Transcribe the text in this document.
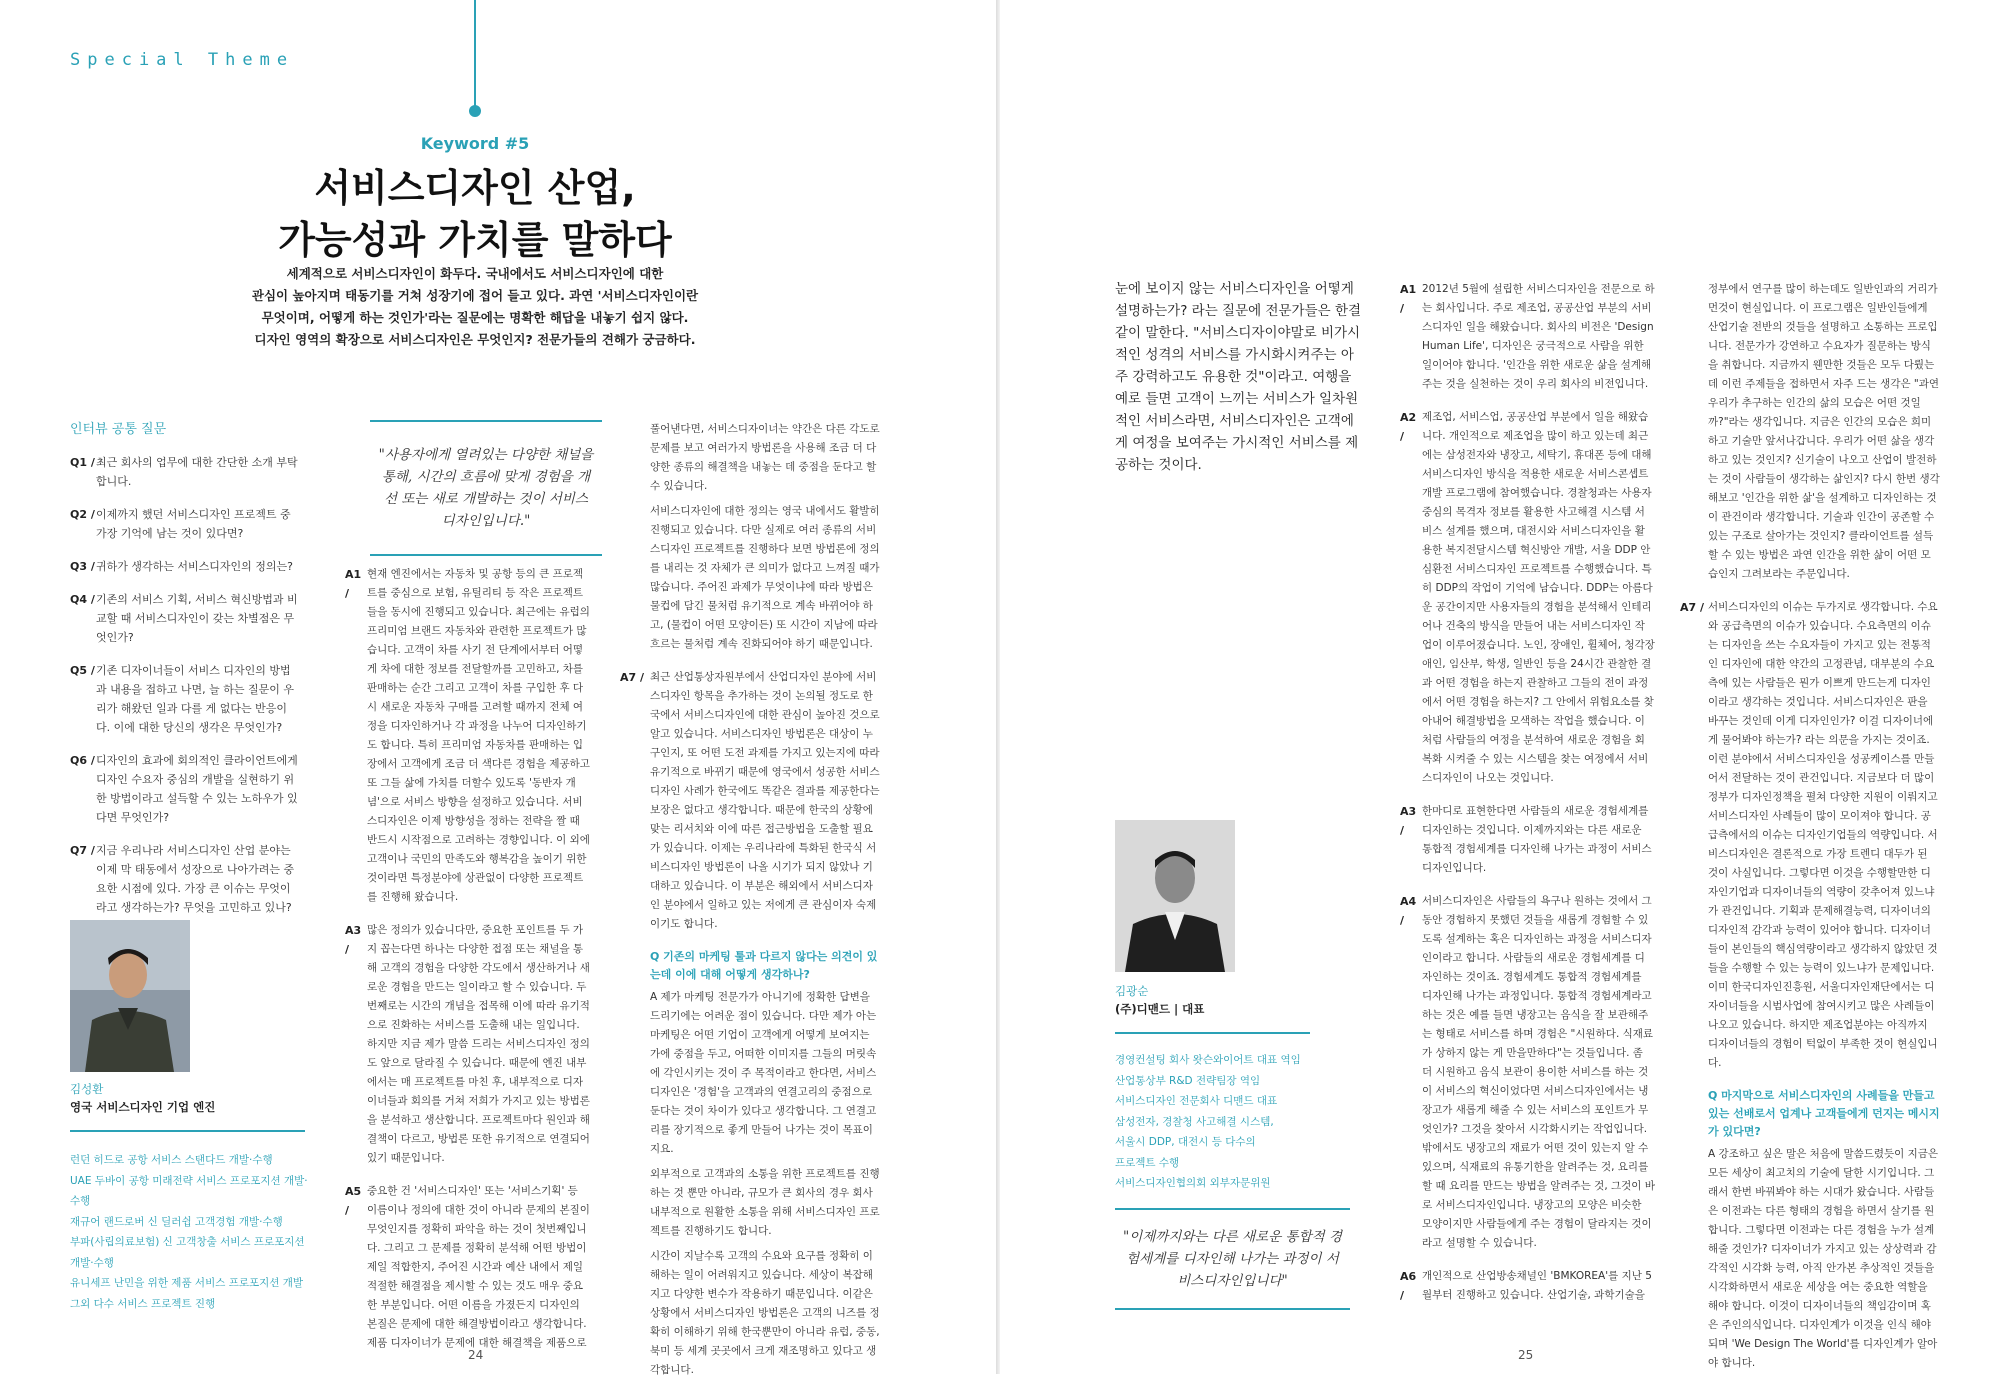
Special Theme
Keyword #5
서비스디자인 산업,
가능성과 가치를 말하다

세계적으로 서비스디자인이 화두다. 국내에서도 서비스디자인에 대한

관심이 높아지며 태동기를 거쳐 성장기에 접어 들고 있다. 과연 '서비스디자인이란

무엇이며, 어떻게 하는 것인가'라는 질문에는 명확한 해답을 내놓기 쉽지 않다.

디자인 영역의 확장으로 서비스디자인은 무엇인지? 전문가들의 견해가 궁금하다.

인터뷰 공통 질문
Q1 / 최근 회사의 업무에 대한 간단한 소개 부탁합니다.
Q2 / 이제까지 했던 서비스디자인 프로젝트 중 가장 기억에 남는 것이 있다면?
Q3 / 귀하가 생각하는 서비스디자인의 정의는?
Q4 / 기존의 서비스 기획, 서비스 혁신방법과 비교할 때 서비스디자인이 갖는 차별점은 무엇인가?
Q5 / 기존 디자이너들이 서비스 디자인의 방법과 내용을 접하고 나면, 늘 하는 질문이 우리가 해왔던 일과 다를 게 없다는 반응이다. 이에 대한 당신의 생각은 무엇인가?
Q6 / 디자인의 효과에 회의적인 클라이언트에게 디자인 수요자 중심의 개발을 실현하기 위한 방법이라고 설득할 수 있는 노하우가 있다면 무엇인가?
Q7 / 지금 우리나라 서비스디자인 산업 분야는 이제 막 태동에서 성장으로 나아가려는 중요한 시점에 있다. 가장 큰 이슈는 무엇이라고 생각하는가? 무엇을 고민하고 있나?
김성환
영국 서비스디자인 기업 엔진
런던 히드로 공항 서비스 스탠다드 개발·수행
UAE 두바이 공항 미래전략 서비스 프로포지션 개발·수행
재규어 랜드로버 신 딜러쉽 고객경험 개발·수행
부파(사립의료보험) 신 고객창출 서비스 프로포지션
개발·수행
유니세프 난민을 위한 제품 서비스 프로포지션 개발
그외 다수 서비스 프로젝트 진행
"사용자에게 열려있는 다양한 채널을 통해, 시간의 흐름에 맞게 경험을 개선 또는 새로 개발하는 것이 서비스 디자인입니다."
A1 /
현재 엔진에서는 자동차 및 공항 등의 큰 프로젝트를 중심으로 보험, 유틸리티 등 작은 프로젝트들을 동시에 진행되고 있습니다. 최근에는 유럽의 프리미엄 브랜드 자동차와 관련한 프로젝트가 많습니다. 고객이 차를 사기 전 단계에서부터 어떻게 차에 대한 정보를 전달할까를 고민하고, 차를 판매하는 순간 그리고 고객이 차를 구입한 후 다시 새로운 자동차 구매를 고려할 때까지 전체 여정을 디자인하거나 각 과정을 나누어 디자인하기도 합니다. 특히 프리미엄 자동차를 판매하는 입장에서 고객에게 조금 더 색다른 경험을 제공하고 또 그들 삶에 가치를 더할수 있도록 '동반자 개념'으로 서비스 방향을 설정하고 있습니다. 서비스디자인은 이제 방향성을 정하는 전략을 짤 때 반드시 시작점으로 고려하는 경향입니다. 이 외에 고객이나 국민의 만족도와 행복감을 높이기 위한 것이라면 특정분야에 상관없이 다양한 프로젝트를 진행해 왔습니다.
A3 /
많은 정의가 있습니다만, 중요한 포인트를 두 가지 꼽는다면 하나는 다양한 접점 또는 채널을 통해 고객의 경험을 다양한 각도에서 생산하거나 새로운 경험을 만드는 일이라고 할 수 있습니다. 두 번째로는 시간의 개념을 접목해 이에 따라 유기적으로 진화하는 서비스를 도출해 내는 일입니다. 하지만 지금 제가 말씀 드리는 서비스디자인 정의도 앞으로 달라질 수 있습니다. 때문에 엔진 내부에서는 매 프로젝트를 마친 후, 내부적으로 디자이너들과 회의를 거쳐 저희가 가지고 있는 방법론을 분석하고 생산합니다. 프로젝트마다 원인과 해결책이 다르고, 방법론 또한 유기적으로 연결되어 있기 때문입니다.
A5 /
중요한 건 '서비스디자인' 또는 '서비스기획' 등 이름이나 정의에 대한 것이 아니라 문제의 본질이 무엇인지를 정확히 파악을 하는 것이 첫번째입니다. 그리고 그 문제를 정확히 분석해 어떤 방법이 제일 적합한지, 주어진 시간과 예산 내에서 제일 적절한 해결점을 제시할 수 있는 것도 매우 중요한 부분입니다. 어떤 이름을 가졌든지 디자인의 본질은 문제에 대한 해결방법이라고 생각합니다. 제품 디자이너가 문제에 대한 해결책을 제품으로

풀어낸다면, 서비스디자이너는 약간은 다른 각도로 문제를 보고 여러가지 방법론을 사용해 조금 더 다양한 종류의 해결책을 내놓는 데 중점을 둔다고 할 수 있습니다.

서비스디자인에 대한 정의는 영국 내에서도 활발히 진행되고 있습니다. 다만 실제로 여러 종류의 서비스디자인 프로젝트를 진행하다 보면 방법론에 정의를 내리는 것 자체가 큰 의미가 없다고 느껴질 때가 많습니다. 주어진 과제가 무엇이냐에 따라 방법은 물컵에 담긴 물처럼 유기적으로 계속 바뀌어야 하고, (물컵이 어떤 모양이든) 또 시간이 지남에 따라 흐르는 물처럼 계속 진화되어야 하기 때문입니다.

A7 / 최근 산업통상자원부에서 산업디자인 분야에 서비스디자인 항목을 추가하는 것이 논의될 정도로 한국에서 서비스디자인에 대한 관심이 높아진 것으로 알고 있습니다. 서비스디자인 방법론은 대상이 누구인지, 또 어떤 도전 과제를 가지고 있는지에 따라 유기적으로 바뀌기 때문에 영국에서 성공한 서비스디자인 사례가 한국에도 똑같은 결과를 제공한다는 보장은 없다고 생각합니다. 때문에 한국의 상황에 맞는 리서치와 이에 따른 접근방법을 도출할 필요가 있습니다. 이제는 우리나라에 특화된 한국식 서비스디자인 방법론이 나올 시기가 되지 않았나 기대하고 있습니다. 이 부분은 해외에서 서비스디자인 분야에서 일하고 있는 저에게 큰 관심이자 숙제이기도 합니다.
Q 기존의 마케팅 툴과 다르지 않다는 의견이 있는데 이에 대해 어떻게 생각하나?

A 제가 마케팅 전문가가 아니기에 정확한 답변을 드리기에는 어려운 점이 있습니다. 다만 제가 아는 마케팅은 어떤 기업이 고객에게 어떻게 보여지는 가에 중점을 두고, 어떠한 이미지를 그들의 머릿속에 각인시키는 것이 주 목적이라고 한다면, 서비스디자인은 '경험'을 고객과의 연결고리의 중점으로 둔다는 것이 차이가 있다고 생각합니다. 그 연결고리를 장기적으로 좋게 만들어 나가는 것이 목표이지요.

외부적으로 고객과의 소통을 위한 프로젝트를 진행하는 것 뿐만 아니라, 규모가 큰 회사의 경우 회사 내부적으로 원활한 소통을 위해 서비스디자인 프로젝트를 진행하기도 합니다.

시간이 지날수록 고객의 수요와 요구를 정확히 이해하는 일이 어려워지고 있습니다. 세상이 복잡해지고 다양한 변수가 작용하기 때문입니다. 이같은 상황에서 서비스디자인 방법론은 고객의 니즈를 정확히 이해하기 위해 한국뿐만이 아니라 유럽, 중동, 북미 등 세계 곳곳에서 크게 재조명하고 있다고 생각합니다.

24
눈에 보이지 않는 서비스디자인을 어떻게 설명하는가? 라는 질문에 전문가들은 한결같이 말한다. "서비스디자이야말로 비가시적인 성격의 서비스를 가시화시켜주는 아주 강력하고도 유용한 것"이라고. 여행을 예로 들면 고객이 느끼는 서비스가 일차원적인 서비스라면, 서비스디자인은 고객에게 여정을 보여주는 가시적인 서비스를 제공하는 것이다.
김광순
(주)디맨드 | 대표
경영컨설팅 회사 왓슨와이어트 대표 역임
산업통상부 R&D 전략팀장 역임
서비스디자인 전문회사 디맨드 대표
삼성전자, 경찰청 사고해결 시스템,
서울시 DDP, 대전시 등 다수의
프로젝트 수행
서비스디자인협의회 외부자문위원
"이제까지와는 다른 새로운 통합적 경험세계를 디자인해 나가는 과정이 서비스디자인입니다"
A1 /
2012년 5월에 설립한 서비스디자인을 전문으로 하는 회사입니다. 주로 제조업, 공공산업 부분의 서비스디자인 일을 해왔습니다. 회사의 비전은 'Design Human Life', 디자인은 궁극적으로 사람을 위한 일이어야 합니다. '인간을 위한 새로운 삶을 설계해주는 것을 실천하는 것이 우리 회사의 비전입니다.
A2 /
제조업, 서비스업, 공공산업 부분에서 일을 해왔습니다. 개인적으로 제조업을 많이 하고 있는데 최근에는 삼성전자와 냉장고, 세탁기, 휴대폰 등에 대해 서비스디자인 방식을 적용한 새로운 서비스콘셉트 개발 프로그램에 참여했습니다. 경찰청과는 사용자 중심의 목격자 정보를 활용한 사고해결 시스템 서비스 설계를 했으며, 대전시와 서비스디자인을 활용한 복지전달시스템 혁신방안 개발, 서울 DDP 안심환전 서비스디자인 프로젝트를 수행했습니다. 특히 DDP의 작업이 기억에 남습니다. DDP는 아름다운 공간이지만 사용자들의 경험을 분석해서 인테리어나 건축의 방식을 만들어 내는 서비스디자인 작업이 이루어졌습니다. 노인, 장애인, 휠체어, 청각장애인, 임산부, 학생, 일반인 등을 24시간 관찰한 결과 어떤 경험을 하는지 관찰하고 그들의 전이 과정에서 어떤 경험을 하는지? 그 안에서 위험요소를 찾아내어 해결방법을 모색하는 작업을 했습니다. 이처럼 사람들의 여정을 분석하여 새로운 경험을 회복화 시켜줄 수 있는 시스템을 찾는 여정에서 서비스디자인이 나오는 것입니다.
A3 /
한마디로 표현한다면 사람들의 새로운 경험세계를 디자인하는 것입니다. 이제까지와는 다른 새로운 통합적 경험세계를 디자인해 나가는 과정이 서비스디자인입니다.
A4 /
서비스디자인은 사람들의 욕구나 원하는 것에서 그 동안 경험하지 못했던 것들을 새롭게 경험할 수 있도록 설계하는 혹은 디자인하는 과정을 서비스디자인이라고 합니다. 사람들의 새로운 경험세계를 디자인하는 것이죠. 경험세계도 통합적 경험세계를 디자인해 나가는 과정입니다. 통합적 경험세계라고 하는 것은 예를 들면 냉장고는 음식을 잘 보관해주는 형태로 서비스를 하며 경험은 "시원하다. 식재료가 상하지 않는 게 만을만하다"는 것들입니다. 좀 더 시원하고 음식 보관이 용이한 서비스를 하는 것이 서비스의 혁신이었다면 서비스디자인에서는 냉장고가 새롭게 해줄 수 있는 서비스의 포인트가 무엇인가? 그것을 찾아서 시각화시키는 작업입니다. 밖에서도 냉장고의 재료가 어떤 것이 있는지 알 수 있으며, 식재료의 유통기한을 알려주는 것, 요리를 할 때 요리를 만드는 방법을 알려주는 것, 그것이 바로 서비스디자인입니다. 냉장고의 모양은 비슷한 모양이지만 사람들에게 주는 경험이 달라지는 것이라고 설명할 수 있습니다.
A6 /
개인적으로 산업방송채널인 'BMKOREA'를 지난 5월부터 진행하고 있습니다. 산업기술, 과학기술을

정부에서 연구를 많이 하는데도 일반인과의 거리가 먼것이 현실입니다. 이 프로그램은 일반인들에게 산업기술 전반의 것들을 설명하고 소통하는 프로입니다. 전문가가 강연하고 수요자가 질문하는 방식을 취합니다. 지금까지 웬만한 것들은 모두 다뤘는데 이런 주제들을 접하면서 자주 드는 생각은 "과연 우리가 추구하는 인간의 삶의 모습은 어떤 것일까?"라는 생각입니다. 지금은 인간의 모습은 희미하고 기술만 앞서나갑니다. 우리가 어떤 삶을 생각하고 있는 것인지? 신기술이 나오고 산업이 발전하는 것이 사람들이 생각하는 삶인지? 다시 한번 생각해보고 '인간을 위한 삶'을 설계하고 디자인하는 것이 관건이라 생각합니다. 기술과 인간이 공존할 수 있는 구조로 살아가는 것인지? 클라이언트를 설득할 수 있는 방법은 과연 인간을 위한 삶이 어떤 모습인지 그려보라는 주문입니다.

A7 / 서비스디자인의 이슈는 두가지로 생각합니다. 수요와 공급측면의 이슈가 있습니다. 수요측면의 이슈는 디자인을 쓰는 수요자들이 가지고 있는 전통적인 디자인에 대한 약간의 고정관념, 대부분의 수요측에 있는 사람들은 뭔가 이쁘게 만드는게 디자인이라고 생각하는 것입니다. 서비스디자인은 판을 바꾸는 것인데 이게 디자인인가? 이걸 디자이너에게 물어봐야 하는가? 라는 의문을 가지는 것이죠. 이런 분야에서 서비스디자인을 성공케이스를 만들어서 전달하는 것이 관건입니다. 지금보다 더 많이 정부가 디자인정책을 펼쳐 다양한 지원이 이뤄지고 서비스디자인 사례들이 많이 모이져야 합니다. 공급측에서의 이슈는 디자인기업들의 역량입니다. 서비스디자인은 결론적으로 가장 트렌디 대두가 된 것이 사실입니다. 그렇다면 이것을 수행할만한 디자인기업과 디자이너들의 역량이 갖추어져 있느냐가 관건입니다. 기획과 문제해결능력, 디자이너의 디자인적 감각과 능력이 있어야 합니다. 디자이너들이 본인들의 핵심역량이라고 생각하지 않았던 것들을 수행할 수 있는 능력이 있느냐가 문제입니다. 이미 한국디자인진흥원, 서울디자인재단에서는 디자이너들을 시범사업에 참여시키고 많은 사례들이 나오고 있습니다. 하지만 제조업분야는 아직까지 디자이너들의 경험이 턱없이 부족한 것이 현실입니다.
Q 마지막으로 서비스디자인의 사례들을 만들고 있는 선배로서 업계나 고객들에게 던지는 메시지가 있다면?

A 강조하고 싶은 말은 처음에 말씀드렸듯이 지금은 모든 세상이 최고치의 기술에 달한 시기입니다. 그래서 한번 바꿔봐야 하는 시대가 왔습니다. 사람들은 이전과는 다른 형태의 경험을 하면서 살기를 원합니다. 그렇다면 이전과는 다른 경험을 누가 설계해줄 것인가? 디자이너가 가지고 있는 상상력과 감각적인 시각화 능력, 아직 안가본 추상적인 것들을 시각화하면서 새로운 세상을 여는 중요한 역할을 해야 합니다. 이것이 디자이너들의 책임감이며 혹은 주인의식입니다. 디자인계가 이것을 인식 해야 되며 'We Design The World'를 디자인계가 알아야 합니다.

25
